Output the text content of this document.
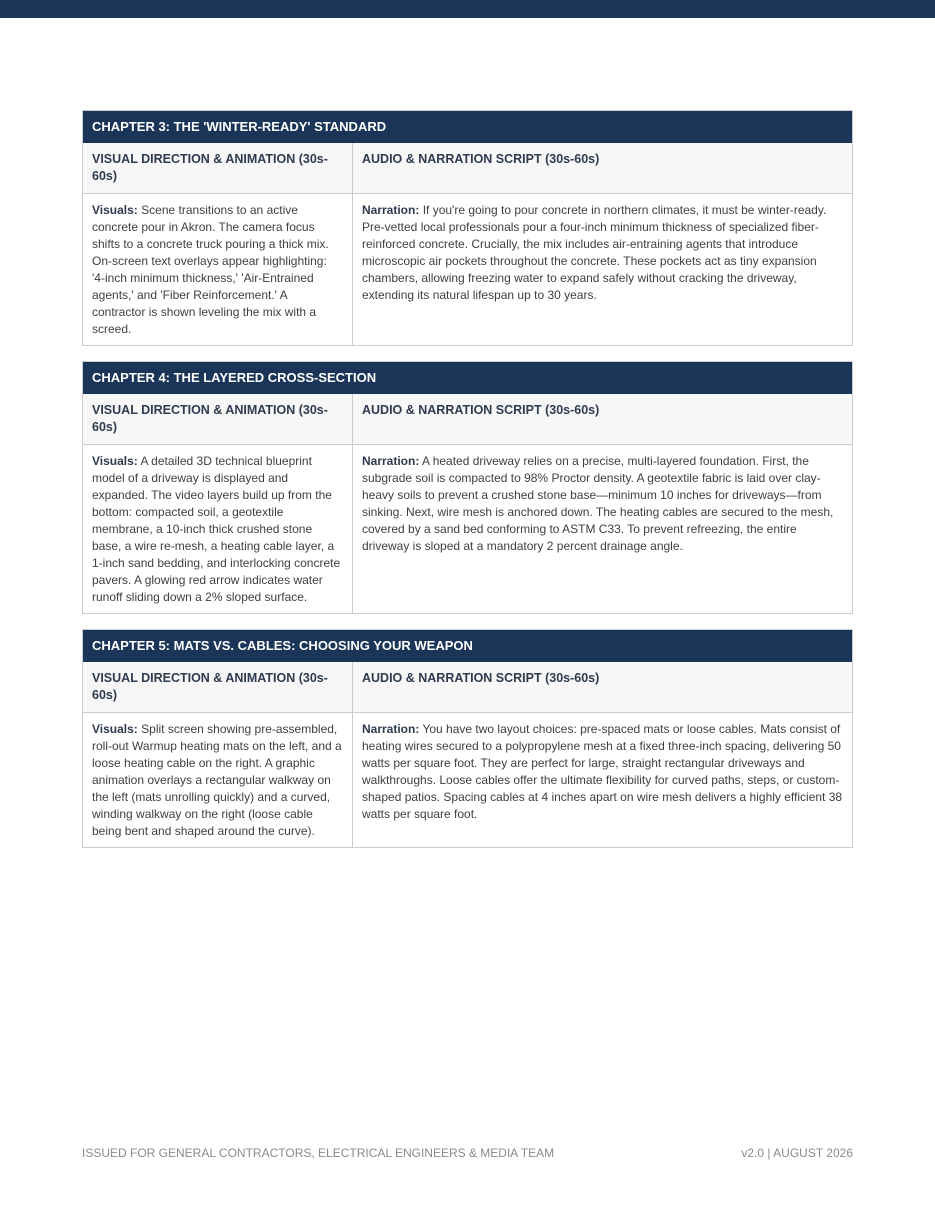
CHAPTER 3: THE 'WINTER-READY' STANDARD
VISUAL DIRECTION & ANIMATION (30s-60s)
AUDIO & NARRATION SCRIPT (30s-60s)
Visuals: Scene transitions to an active concrete pour in Akron. The camera focus shifts to a concrete truck pouring a thick mix. On-screen text overlays appear highlighting: '4-inch minimum thickness,' 'Air-Entrained agents,' and 'Fiber Reinforcement.' A contractor is shown leveling the mix with a screed.
Narration: If you're going to pour concrete in northern climates, it must be winter-ready. Pre-vetted local professionals pour a four-inch minimum thickness of specialized fiber-reinforced concrete. Crucially, the mix includes air-entraining agents that introduce microscopic air pockets throughout the concrete. These pockets act as tiny expansion chambers, allowing freezing water to expand safely without cracking the driveway, extending its natural lifespan up to 30 years.
CHAPTER 4: THE LAYERED CROSS-SECTION
VISUAL DIRECTION & ANIMATION (30s-60s)
AUDIO & NARRATION SCRIPT (30s-60s)
Visuals: A detailed 3D technical blueprint model of a driveway is displayed and expanded. The video layers build up from the bottom: compacted soil, a geotextile membrane, a 10-inch thick crushed stone base, a wire re-mesh, a heating cable layer, a 1-inch sand bedding, and interlocking concrete pavers. A glowing red arrow indicates water runoff sliding down a 2% sloped surface.
Narration: A heated driveway relies on a precise, multi-layered foundation. First, the subgrade soil is compacted to 98% Proctor density. A geotextile fabric is laid over clay-heavy soils to prevent a crushed stone base—minimum 10 inches for driveways—from sinking. Next, wire mesh is anchored down. The heating cables are secured to the mesh, covered by a sand bed conforming to ASTM C33. To prevent refreezing, the entire driveway is sloped at a mandatory 2 percent drainage angle.
CHAPTER 5: MATS VS. CABLES: CHOOSING YOUR WEAPON
VISUAL DIRECTION & ANIMATION (30s-60s)
AUDIO & NARRATION SCRIPT (30s-60s)
Visuals: Split screen showing pre-assembled, roll-out Warmup heating mats on the left, and a loose heating cable on the right. A graphic animation overlays a rectangular walkway on the left (mats unrolling quickly) and a curved, winding walkway on the right (loose cable being bent and shaped around the curve).
Narration: You have two layout choices: pre-spaced mats or loose cables. Mats consist of heating wires secured to a polypropylene mesh at a fixed three-inch spacing, delivering 50 watts per square foot. They are perfect for large, straight rectangular driveways and walkthroughs. Loose cables offer the ultimate flexibility for curved paths, steps, or custom-shaped patios. Spacing cables at 4 inches apart on wire mesh delivers a highly efficient 38 watts per square foot.
ISSUED FOR GENERAL CONTRACTORS, ELECTRICAL ENGINEERS & MEDIA TEAM	v2.0 | AUGUST 2026
